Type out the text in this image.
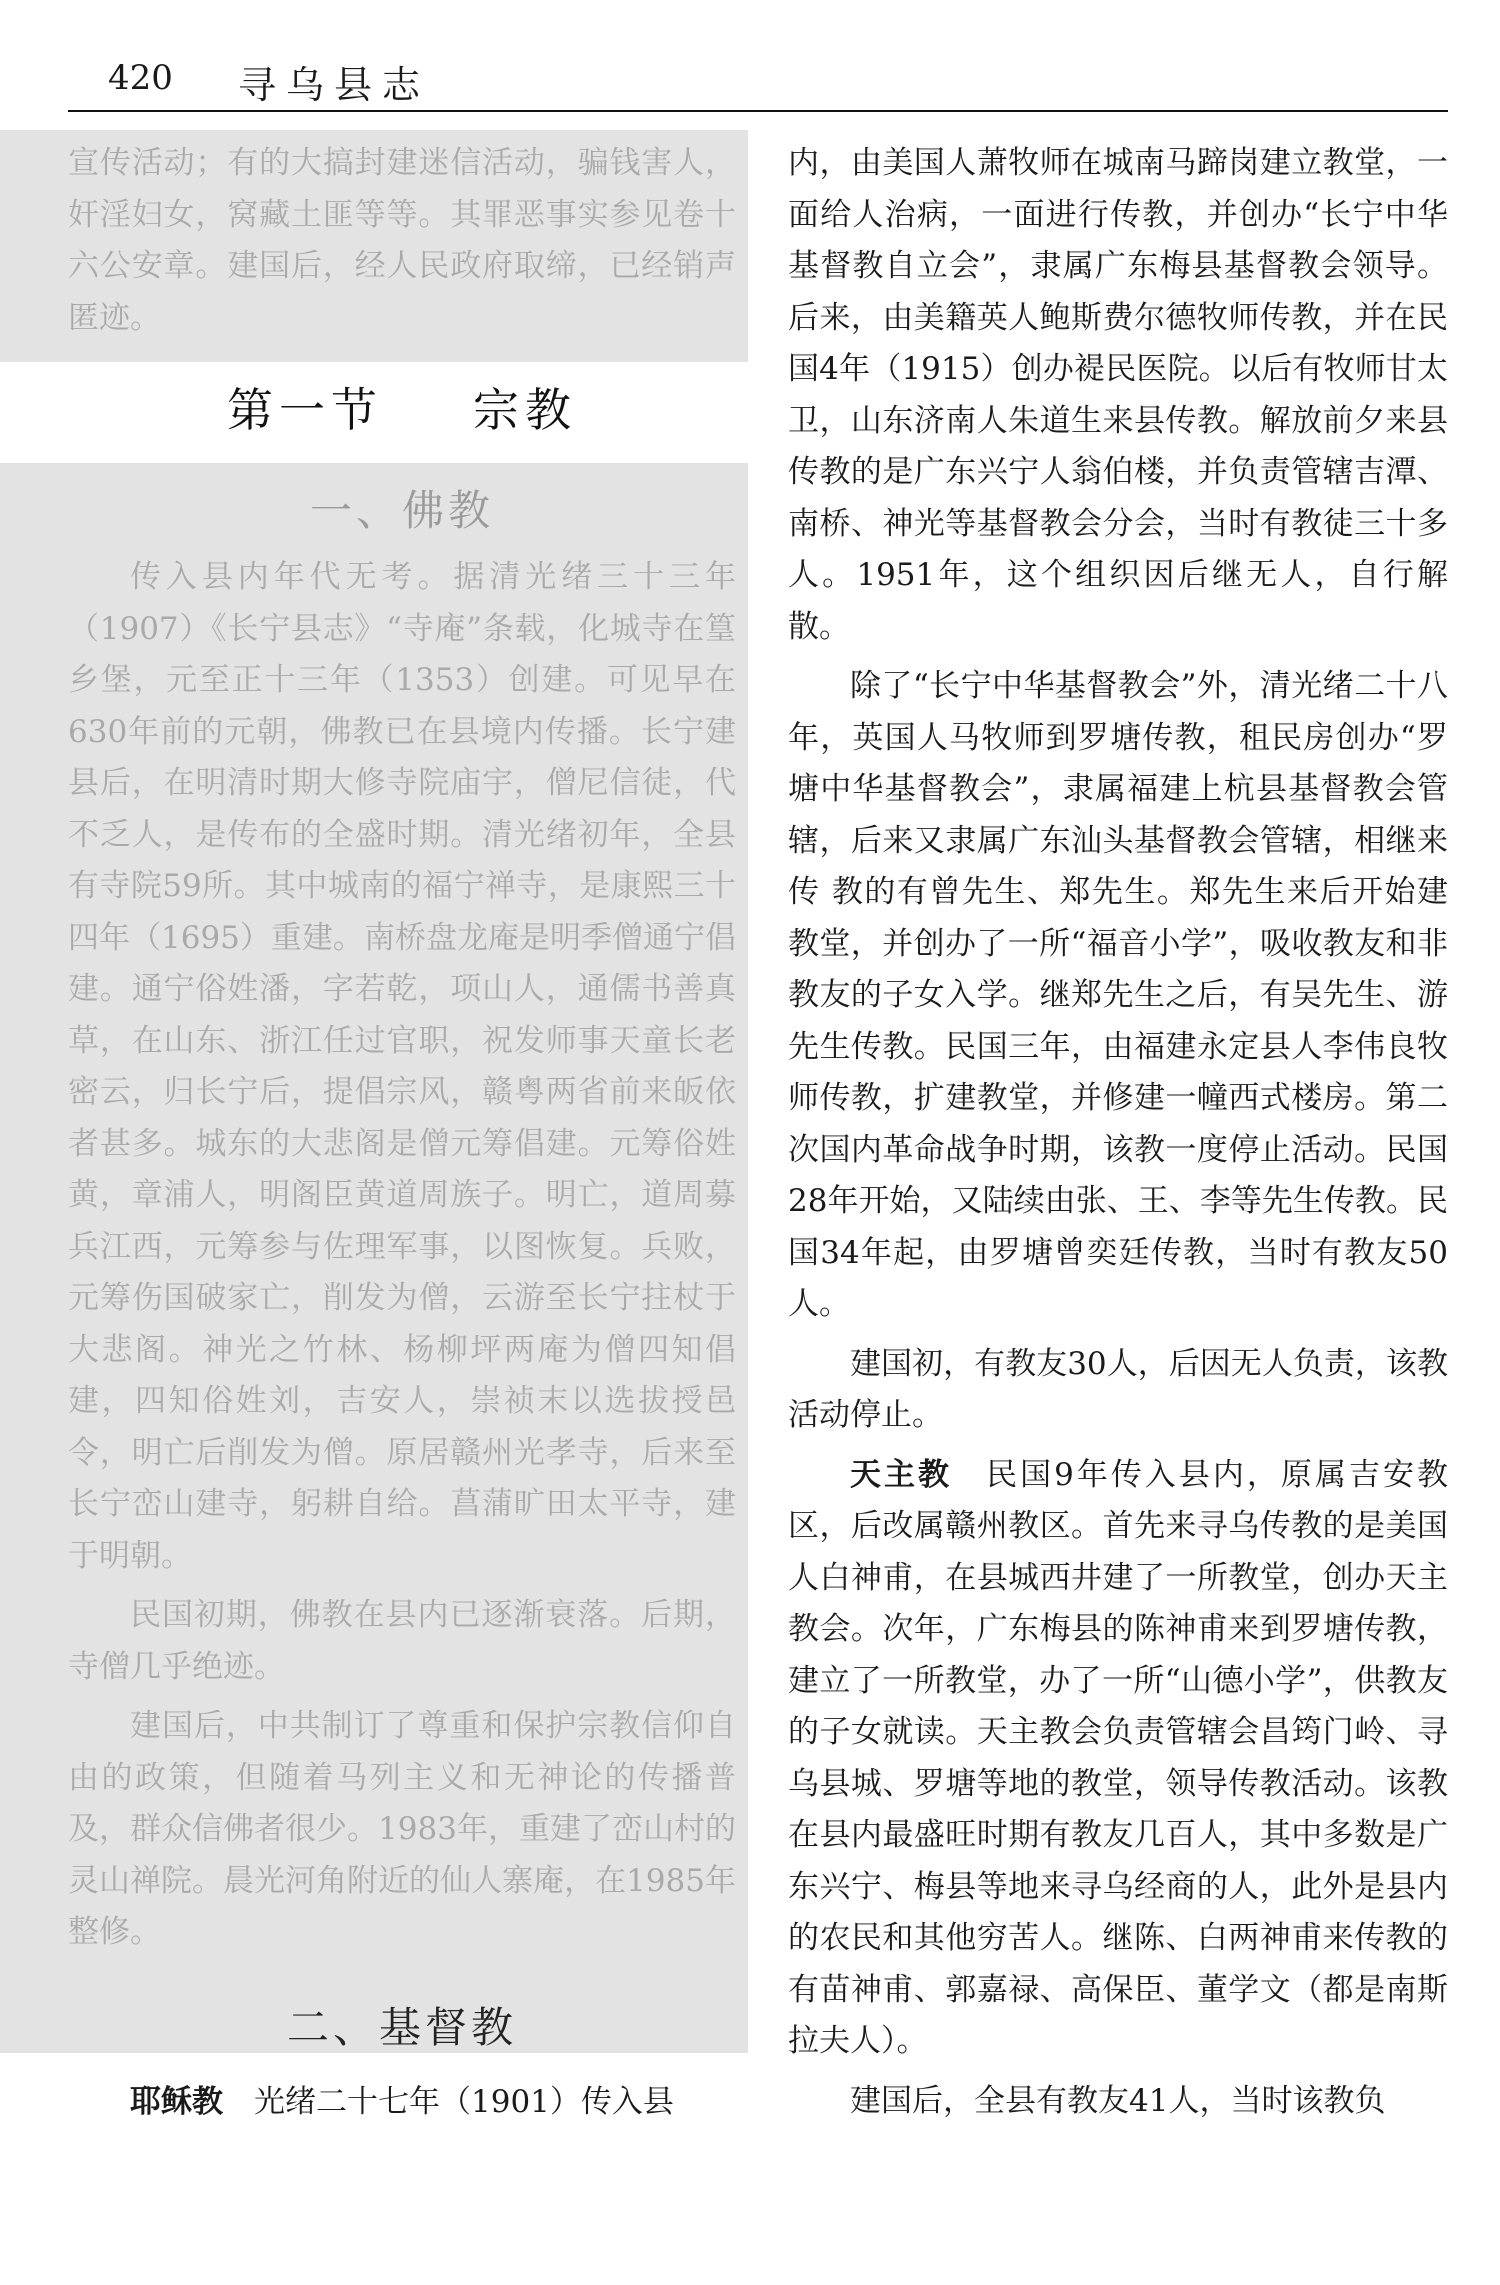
420 寻乌县志

宣传活动；有的大搞封建迷信活动，骗钱害人，奸淫妇女，窝藏土匪等等。其罪恶事实参见卷十六公安章。建国后，经人民政府取缔，已经销声匿迹。

第一节 宗教
一、佛教

传入县内年代无考。据清光绪三十三年（1907）《长宁县志》“寺庵”条载，化城寺在篁乡堡，元至正十三年（1353）创建。可见早在630年前的元朝，佛教已在县境内传播。长宁建县后，在明清时期大修寺院庙宇，僧尼信徒，代不乏人，是传布的全盛时期。清光绪初年，全县有寺院59所。其中城南的福宁禅寺，是康熙三十四年（1695）重建。南桥盘龙庵是明季僧通宁倡建。通宁俗姓潘，字若乾，项山人，通儒书善真草，在山东、浙江任过官职，祝发师事天童长老密云，归长宁后，提倡宗风，赣粤两省前来皈依者甚多。城东的大悲阁是僧元筹倡建。元筹俗姓黄，章浦人，明阁臣黄道周族子。明亡，道周募兵江西，元筹参与佐理军事，以图恢复。兵败，元筹伤国破家亡，削发为僧，云游至长宁拄杖于大悲阁。神光之竹林、杨柳坪两庵为僧四知倡建，四知俗姓刘，吉安人，崇祯末以选拔授邑令，明亡后削发为僧。原居赣州光孝寺，后来至长宁峦山建寺，躬耕自给。菖蒲旷田太平寺，建于明朝。

民国初期，佛教在县内已逐渐衰落。后期，寺僧几乎绝迹。

建国后，中共制订了尊重和保护宗教信仰自由的政策，但随着马列主义和无神论的传播普及，群众信佛者很少。1983年，重建了峦山村的灵山禅院。晨光河角附近的仙人寨庵，在1985年整修。

二、基督教

耶稣教　 光绪二十七年（1901）传入县

内，由美国人萧牧师在城南马蹄岗建立教堂，一面给人治病，一面进行传教，并创办“长宁中华基督教自立会”，隶属广东梅县基督教会领导。后来，由美籍英人鲍斯费尔德牧师传教，并在民国4年（1915）创办褆民医院。以后有牧师甘太卫，山东济南人朱道生来县传教。解放前夕来县传教的是广东兴宁人翁伯楼，并负责管辖吉潭、南桥、神光等基督教会分会，当时有教徒三十多人。1951年，这个组织因后继无人，自行解散。

除了“长宁中华基督教会”外，清光绪二十八年，英国人马牧师到罗塘传教，租民房创办“罗塘中华基督教会”，隶属福建上杭县基督教会管辖，后来又隶属广东汕头基督教会管辖，相继来传 教的有曾先生、郑先生。郑先生来后开始建教堂，并创办了一所“福音小学”，吸收教友和非教友的子女入学。继郑先生之后，有吴先生、游先生传教。民国三年，由福建永定县人李伟良牧师传教，扩建教堂，并修建一幢西式楼房。第二次国内革命战争时期，该教一度停止活动。民国28年开始，又陆续由张、王、李等先生传教。民国34年起，由罗塘曾奕廷传教，当时有教友50人。

建国初，有教友30人，后因无人负责，该教活动停止。

天主教　 民国9年传入县内，原属吉安教区，后改属赣州教区。首先来寻乌传教的是美国人白神甫，在县城西井建了一所教堂，创办天主教会。次年，广东梅县的陈神甫来到罗塘传教，建立了一所教堂，办了一所“山德小学”，供教友的子女就读。天主教会负责管辖会昌筠门岭、寻乌县城、罗塘等地的教堂，领导传教活动。该教在县内最盛旺时期有教友几百人，其中多数是广东兴宁、梅县等地来寻乌经商的人，此外是县内的农民和其他穷苦人。继陈、白两神甫来传教的有苗神甫、郭嘉禄、高保臣、董学文（都是南斯拉夫人）。

建国后，全县有教友41人，当时该教负
